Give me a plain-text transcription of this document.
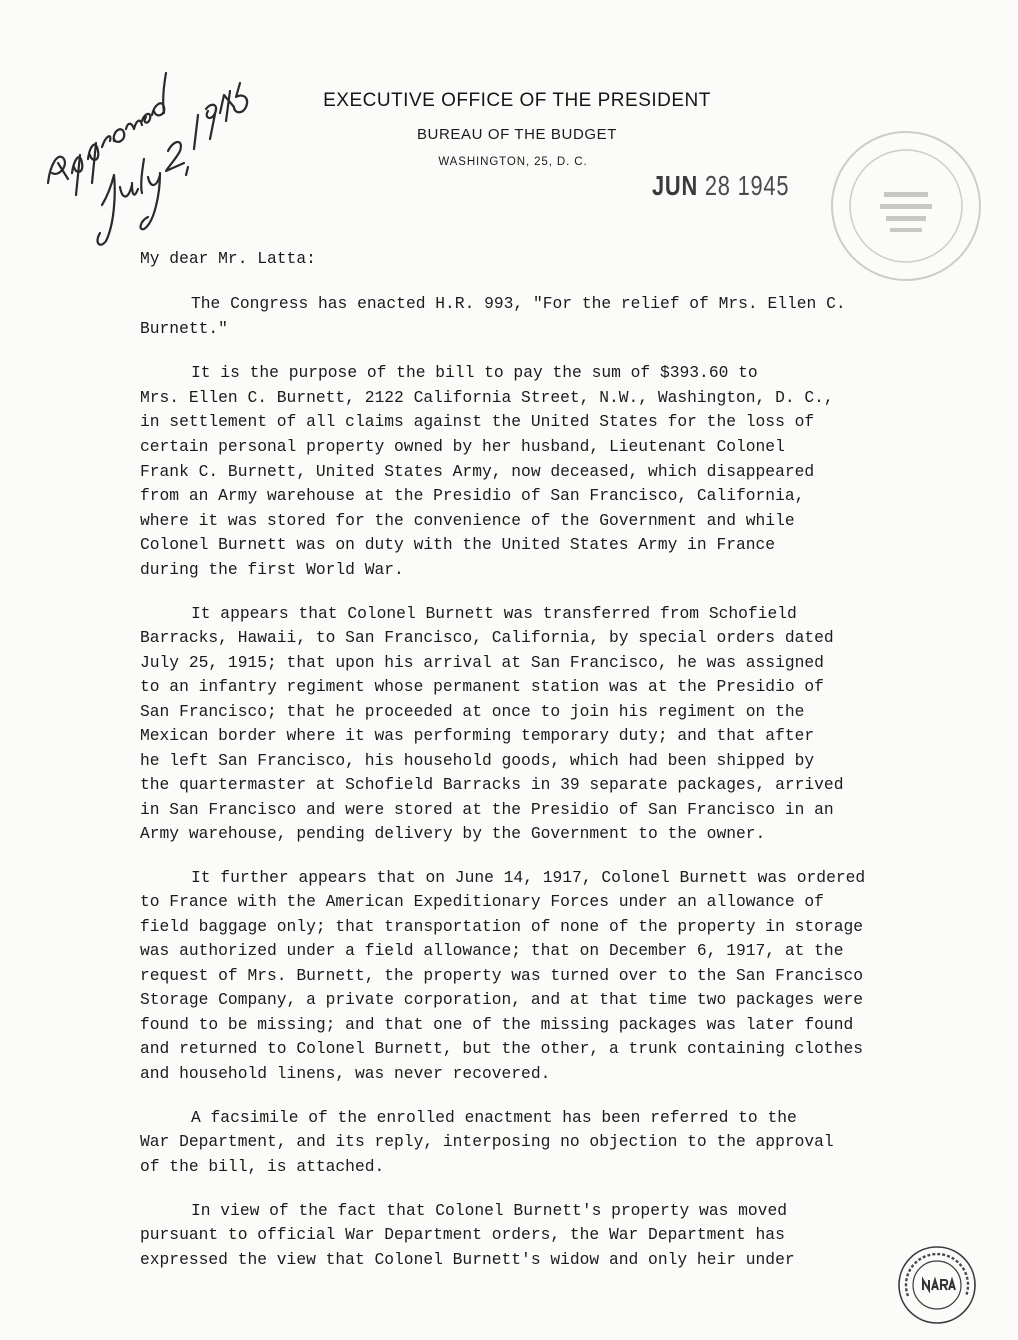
EXECUTIVE OFFICE OF THE PRESIDENT
BUREAU OF THE BUDGET
WASHINGTON, 25, D. C.
JUN 28 1945
My dear Mr. Latta:
The Congress has enacted H.R. 993, "For the relief of Mrs. Ellen C.
Burnett."
It is the purpose of the bill to pay the sum of $393.60 to
Mrs. Ellen C. Burnett, 2122 California Street, N.W., Washington, D. C.,
in settlement of all claims against the United States for the loss of
certain personal property owned by her husband, Lieutenant Colonel
Frank C. Burnett, United States Army, now deceased, which disappeared
from an Army warehouse at the Presidio of San Francisco, California,
where it was stored for the convenience of the Government and while
Colonel Burnett was on duty with the United States Army in France
during the first World War.
It appears that Colonel Burnett was transferred from Schofield
Barracks, Hawaii, to San Francisco, California, by special orders dated
July 25, 1915; that upon his arrival at San Francisco, he was assigned
to an infantry regiment whose permanent station was at the Presidio of
San Francisco; that he proceeded at once to join his regiment on the
Mexican border where it was performing temporary duty; and that after
he left San Francisco, his household goods, which had been shipped by
the quartermaster at Schofield Barracks in 39 separate packages, arrived
in San Francisco and were stored at the Presidio of San Francisco in an
Army warehouse, pending delivery by the Government to the owner.
It further appears that on June 14, 1917, Colonel Burnett was ordered
to France with the American Expeditionary Forces under an allowance of
field baggage only; that transportation of none of the property in storage
was authorized under a field allowance; that on December 6, 1917, at the
request of Mrs. Burnett, the property was turned over to the San Francisco
Storage Company, a private corporation, and at that time two packages were
found to be missing; and that one of the missing packages was later found
and returned to Colonel Burnett, but the other, a trunk containing clothes
and household linens, was never recovered.
A facsimile of the enrolled enactment has been referred to the
War Department, and its reply, interposing no objection to the approval
of the bill, is attached.
In view of the fact that Colonel Burnett's property was moved
pursuant to official War Department orders, the War Department has
expressed the view that Colonel Burnett's widow and only heir under
